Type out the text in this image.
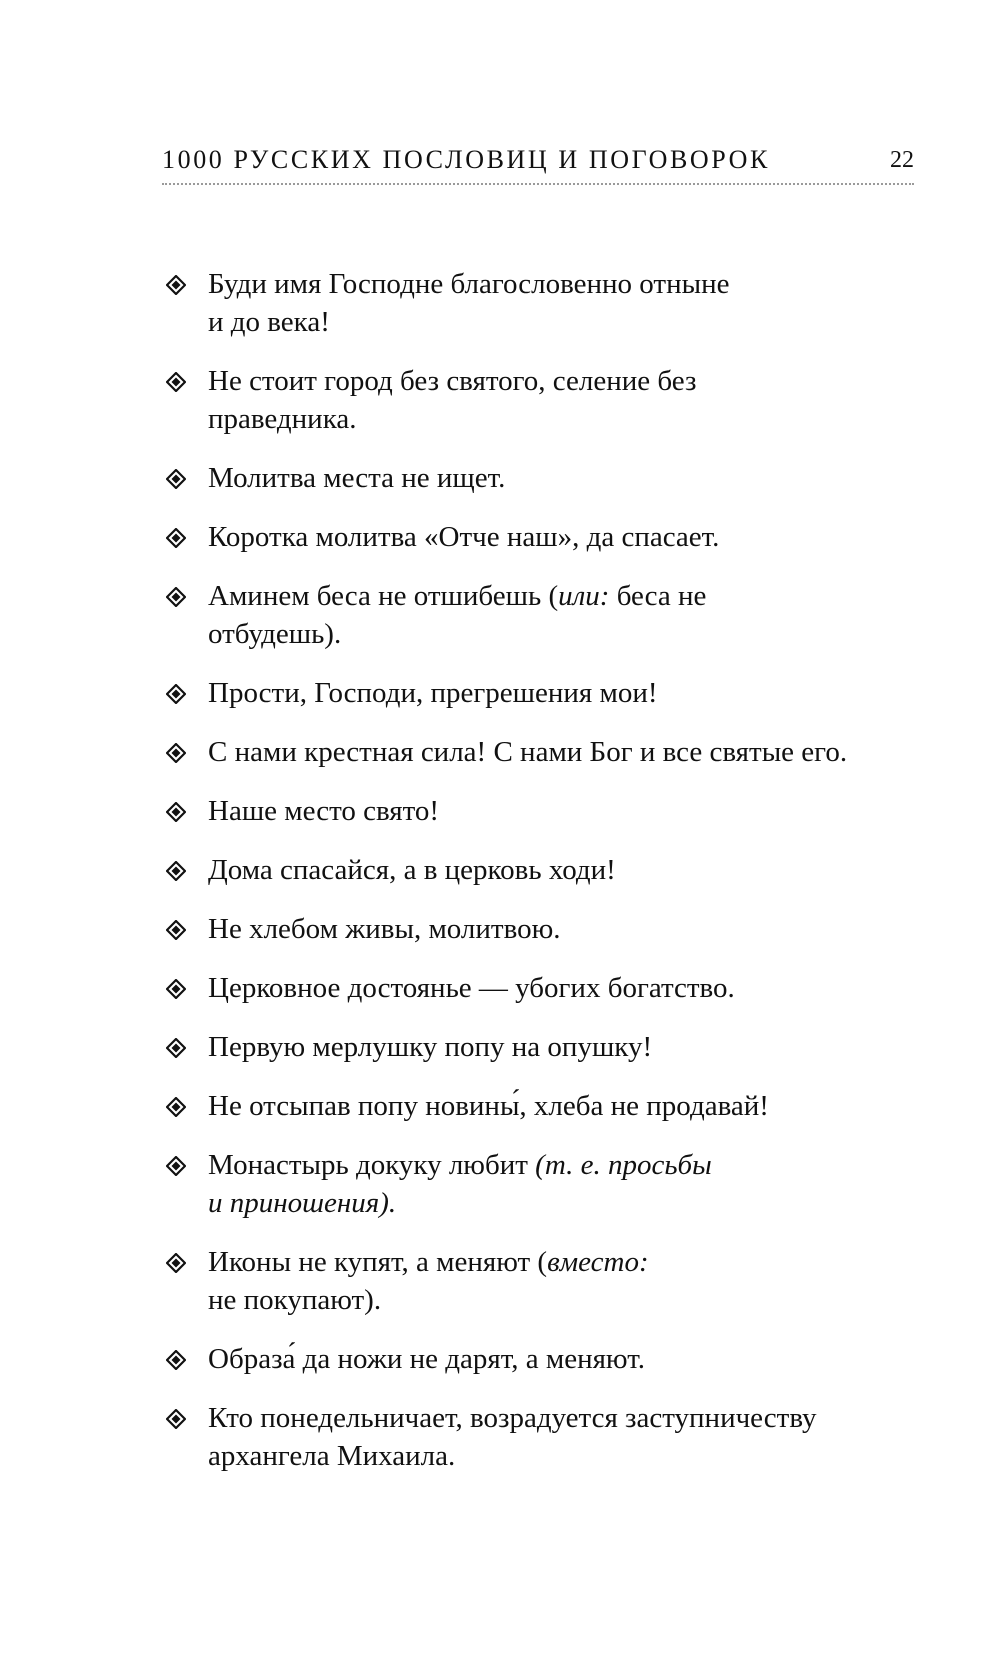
1000 РУССКИХ ПОСЛОВИЦ И ПОГОВОРОК	22
Буди имя Господне благословенно отныне
и до века!
Не стоит город без святого, селение без
праведника.
Молитва места не ищет.
Коротка молитва «Отче наш», да спасает.
Аминем беса не отшибешь (или: беса не
отбудешь).
Прости, Господи, прегрешения мои!
С нами крестная сила! С нами Бог и все святые его.
Наше место свято!
Дома спасайся, а в церковь ходи!
Не хлебом живы, молитвою.
Церковное достоянье — убогих богатство.
Первую мерлушку попу на опушку!
Не отсыпав попу новины́, хлеба не продавай!
Монастырь докуку любит (т. е. просьбы
и приношения).
Иконы не купят, а меняют (вместо:
не покупают).
Образа́ да ножи не дарят, а меняют.
Кто понедельничает, возрадуется заступничеству
архангела Михаила.
